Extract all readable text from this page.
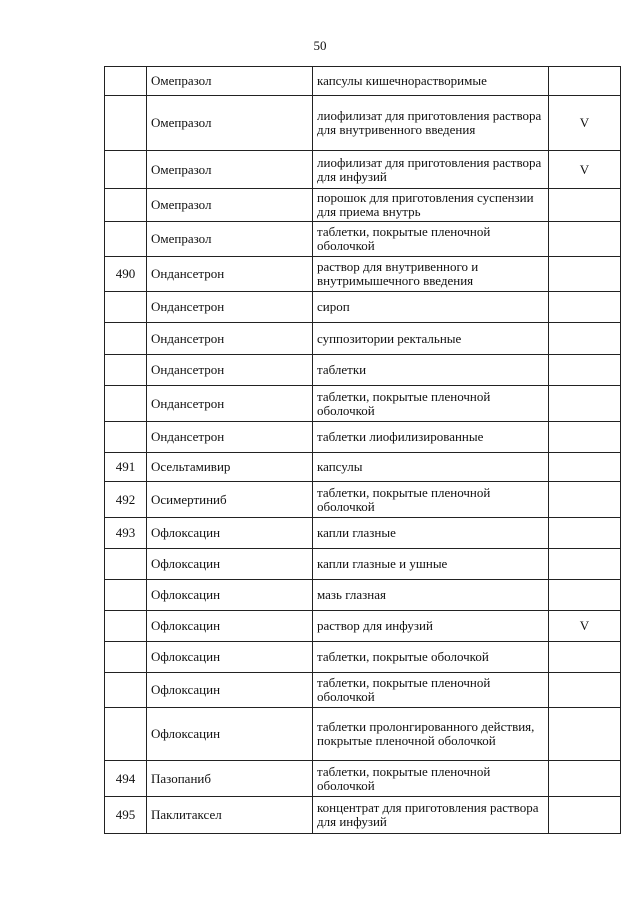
50
	Омепразол	капсулы кишечнорастворимые	
	Омепразол	лиофилизат для приготовления раствора для внутривенного введения	V
	Омепразол	лиофилизат для приготовления раствора для инфузий	V
	Омепразол	порошок для приготовления суспензии для приема внутрь	
	Омепразол	таблетки, покрытые пленочной оболочкой	
490	Ондансетрон	раствор для внутривенного и внутримышечного введения	
	Ондансетрон	сироп	
	Ондансетрон	суппозитории ректальные	
	Ондансетрон	таблетки	
	Ондансетрон	таблетки, покрытые пленочной оболочкой	
	Ондансетрон	таблетки лиофилизированные	
491	Осельтамивир	капсулы	
492	Осимертиниб	таблетки, покрытые пленочной оболочкой	
493	Офлоксацин	капли глазные	
	Офлоксацин	капли глазные и ушные	
	Офлоксацин	мазь глазная	
	Офлоксацин	раствор для инфузий	V
	Офлоксацин	таблетки, покрытые оболочкой	
	Офлоксацин	таблетки, покрытые пленочной оболочкой	
	Офлоксацин	таблетки пролонгированного действия, покрытые пленочной оболочкой	
494	Пазопаниб	таблетки, покрытые пленочной оболочкой	
495	Паклитаксел	концентрат для приготовления раствора для инфузий	
